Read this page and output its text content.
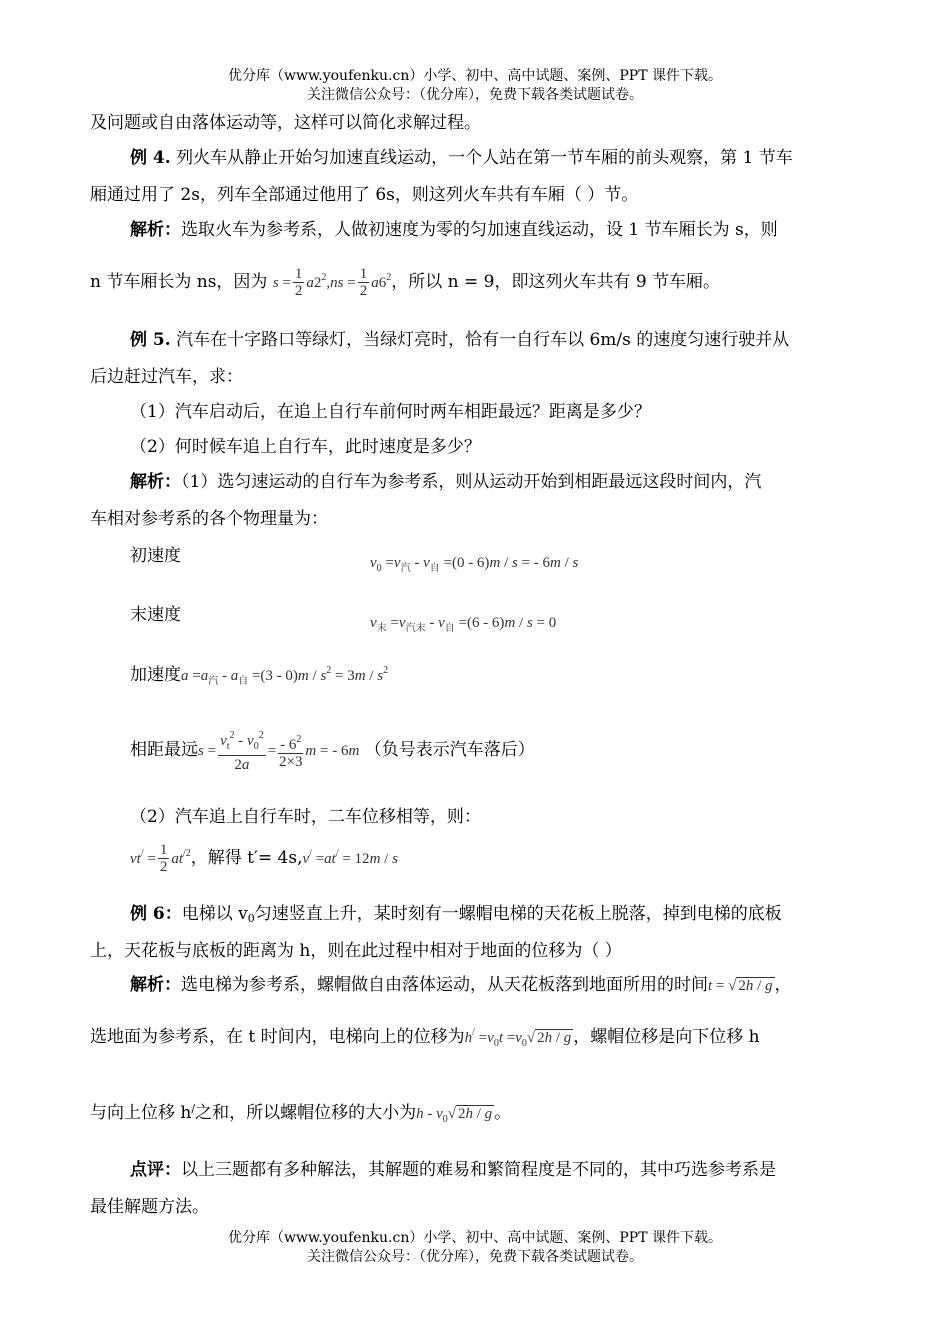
优分库（www.youfenku.cn）小学、初中、高中试题、案例、PPT 课件下载。
关注微信公众号：（优分库），免费下载各类试题试卷。
及问题或自由落体运动等，这样可以简化求解过程。
例 4. 列火车从静止开始匀加速直线运动，一个人站在第一节车厢的前头观察，第 1 节车
厢通过用了 2s，列车全部通过他用了 6s，则这列火车共有车厢（ ）节。
解析：选取火车为参考系，人做初速度为零的匀加速直线运动，设 1 节车厢长为 s，则
n 节车厢长为 ns，因为 $s = \frac{1}{2} a2^2,ns = \frac{1}{2} a6^2$，所以 n = 9，即这列火车共有 9 节车厢。
例 5. 汽车在十字路口等绿灯，当绿灯亮时，恰有一自行车以 6m/s 的速度匀速行驶并从
后边赶过汽车，求：
（1）汽车启动后，在追上自行车前何时两车相距最远？距离是多少？
（2）何时候车追上自行车，此时速度是多少？
解析：（1）选匀速运动的自行车为参考系，则从运动开始到相距最远这段时间内，汽
车相对参考系的各个物理量为：
初速度	$v_0 =v_汽 - v_自 =(0 - 6)m / s$ = - 6m / s
末速度	$v_末 =v_{汽末} - v_自 =(6 - 6)m / s = 0$
加速度$a =a_汽 - a_自 =(3 - 0)m / s^2 = 3m / s^2$
相距最远$s = \frac{v_t^2 - v_0^2}{2a} = \frac{- 6^2}{2\times 3}$ m = - 6m （负号表示汽车落后）
（2）汽车追上自行车时，二车位移相等，则：
$vt^/ = \frac{1}{2} at^{/2}$，解得 t′= 4s,v/ =at/ = 12m / s
例 6：电梯以 v0匀速竖直上升，某时刻有一螺帽电梯的天花板上脱落，掉到电梯的底板
上，天花板与底板的距离为 h，则在此过程中相对于地面的位移为（ ）
解析：选电梯为参考系，螺帽做自由落体运动，从天花板落到地面所用的时间t = √ 2h / g ，
选地面为参考系，在 t 时间内，电梯向上的位移为$h^/ =v_0t =v_0√$ 2h / g ，螺帽位移是向下位移 h
与向上位移 h/之和，所以螺帽位移的大小为h - $v_0√$ 2h / g 。
点评：以上三题都有多种解法，其解题的难易和繁简程度是不同的，其中巧选参考系是
最佳解题方法。
优分库（www.youfenku.cn）小学、初中、高中试题、案例、PPT 课件下载。
关注微信公众号：（优分库），免费下载各类试题试卷。
